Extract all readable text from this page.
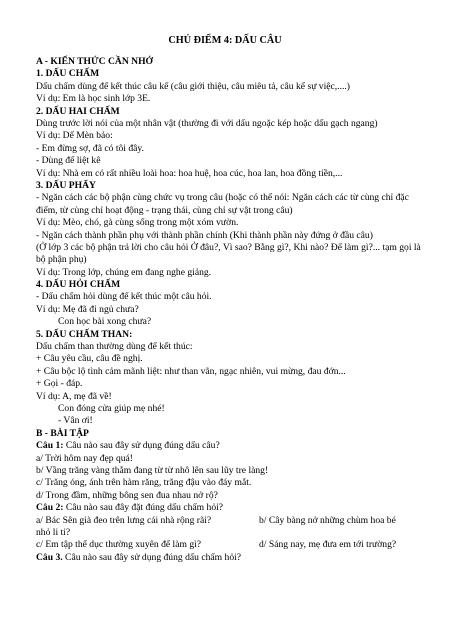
CHỦ ĐIỂM 4: DẤU CÂU
A - KIẾN THỨC CẦN NHỚ
1. DẤU CHẤM
Dấu chấm dùng để kết thúc câu kể (câu giới thiệu, câu miêu tả, câu kể sự việc,....)
Ví dụ: Em là học sinh lớp 3E.
2. DẤU HAI CHẤM
Dùng trước lời nói của một nhân vật (thường đi với dấu ngoặc kép hoặc dấu gạch ngang)
Ví dụ: Dế Mèn bảo:
- Em đừng sợ, đã có tôi đây.
- Dùng để liệt kê
Ví dụ: Nhà em có rất nhiều loài hoa: hoa huệ, hoa cúc, hoa lan, hoa đồng tiền,...
3. DẤU PHẨY
- Ngăn cách các bộ phận cùng chức vụ trong câu (hoặc có thể nói: Ngăn cách các từ cùng chỉ đặc điểm, từ cùng chỉ hoạt động - trạng thái, cùng chỉ sự vật trong câu)
Ví dụ: Mèo, chó, gà cùng sống trong một xóm vườn.
- Ngăn cách thành phần phụ với thành phần chính (Khi thành phần này đứng ở đầu câu)
(Ở lớp 3 các bộ phận trả lời cho câu hỏi Ở đâu?, Vì sao? Bằng gì?, Khi nào? Để làm gì?... tạm gọi là bộ phận phụ)
Ví dụ: Trong lớp, chúng em đang nghe giảng.
4. DẤU HỎI CHẤM
- Dấu chấm hỏi dùng để kết thúc một câu hỏi.
Ví dụ: Mẹ đã đi ngủ chưa?
Con học bài xong chưa?
5. DẤU CHẤM THAN:
Dấu chấm than thường dùng để kết thúc:
+ Câu yêu cầu, câu đề nghị.
+ Câu bộc lộ tình cảm mãnh liệt: như than vãn, ngạc nhiên, vui mừng, đau đớn...
+ Gọi - đáp.
Ví dụ: A, mẹ đã về!
Con đóng cửa giúp mẹ nhé!
- Vân ơi!
B - BÀI TẬP
Câu 1: Câu nào sau đây sử dụng đúng dấu câu?
a/ Trời hôm nay đẹp quá!
b/ Vầng trăng vàng thẳm đang từ từ nhô lên sau lũy tre làng!
c/ Trăng óng, ánh trên hàm răng, trăng đậu vào đáy mắt.
d/ Trong đầm, những bông sen đua nhau nở rộ?
Câu 2: Câu nào sau đây đặt đúng dấu chấm hỏi?
a/ Bác Sên già đeo trên lưng cái nhà rộng rãi?	b/ Cây bàng nở những chùm hoa bé
nhỏ li ti?
c/ Em tập thể dục thường xuyên để làm gì?	d/ Sáng nay, mẹ đưa em tới trường?
Câu 3. Câu nào sau đây sử dụng đúng dấu chấm hỏi?
